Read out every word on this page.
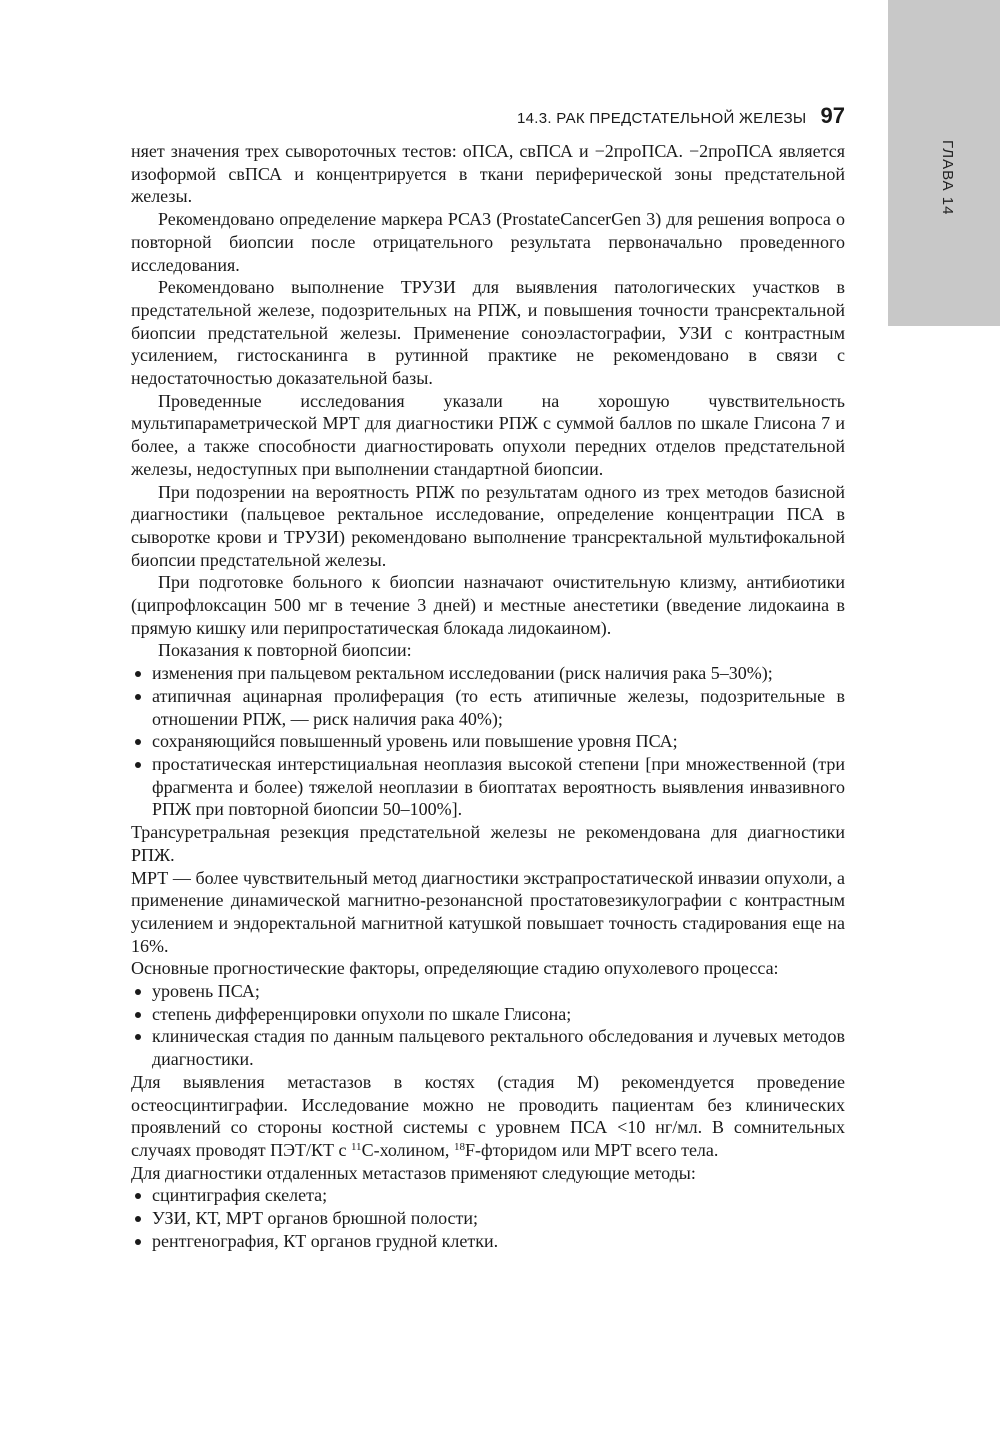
ГЛАВА 14
14.3. РАК ПРЕДСТАТЕЛЬНОЙ ЖЕЛЕЗЫ 97

няет значения трех сывороточных тестов: оПСА, свПСА и −2проПСА. −2проПСА является изоформой свПСА и концентрируется в ткани периферической зоны предстательной железы.

Рекомендовано определение маркера РСА3 (ProstateCancerGen 3) для решения вопроса о повторной биопсии после отрицательного результата первоначально проведенного исследования.

Рекомендовано выполнение ТРУЗИ для выявления патологических участков в предстательной железе, подозрительных на РПЖ, и повышения точности трансректальной биопсии предстательной железы. Применение соноэластографии, УЗИ с контрастным усилением, гистосканинга в рутинной практике не рекомендовано в связи с недостаточностью доказательной базы.

Проведенные исследования указали на хорошую чувствительность мультипараметрической МРТ для диагностики РПЖ с суммой баллов по шкале Глисона 7 и более, а также способности диагностировать опухоли передних отделов предстательной железы, недоступных при выполнении стандартной биопсии.

При подозрении на вероятность РПЖ по результатам одного из трех методов базисной диагностики (пальцевое ректальное исследование, определение концентрации ПСА в сыворотке крови и ТРУЗИ) рекомендовано выполнение трансректальной мультифокальной биопсии предстательной железы.

При подготовке больного к биопсии назначают очистительную клизму, антибиотики (ципрофлоксацин 500 мг в течение 3 дней) и местные анестетики (введение лидокаина в прямую кишку или перипростатическая блокада лидокаином).

Показания к повторной биопсии:

изменения при пальцевом ректальном исследовании (риск наличия рака 5–30%);
атипичная ацинарная пролиферация (то есть атипичные железы, подозрительные в отношении РПЖ, — риск наличия рака 40%);
сохраняющийся повышенный уровень или повышение уровня ПСА;
простатическая интерстициальная неоплазия высокой степени [при множественной (три фрагмента и более) тяжелой неоплазии в биоптатах вероятность выявления инвазивного РПЖ при повторной биопсии 50–100%].

Трансуретральная резекция предстательной железы не рекомендована для диагностики РПЖ.

МРТ — более чувствительный метод диагностики экстрапростатической инвазии опухоли, а применение динамической магнитно-резонансной простатовезикулографии с контрастным усилением и эндоректальной магнитной катушкой повышает точность стадирования еще на 16%.

Основные прогностические факторы, определяющие стадию опухолевого процесса:

уровень ПСА;
степень дифференцировки опухоли по шкале Глисона;
клиническая стадия по данным пальцевого ректального обследования и лучевых методов диагностики.

Для выявления метастазов в костях (стадия М) рекомендуется проведение остеосцинтиграфии. Исследование можно не проводить пациентам без клинических проявлений со стороны костной системы с уровнем ПСА <10 нг/мл. В сомнительных случаях проводят ПЭТ/КТ с $^{11}$С-холином, $^{18}$F-фторидом или МРТ всего тела.

Для диагностики отдаленных метастазов применяют следующие методы:

сцинтиграфия скелета;
УЗИ, КТ, МРТ органов брюшной полости;
рентгенография, КТ органов грудной клетки.
